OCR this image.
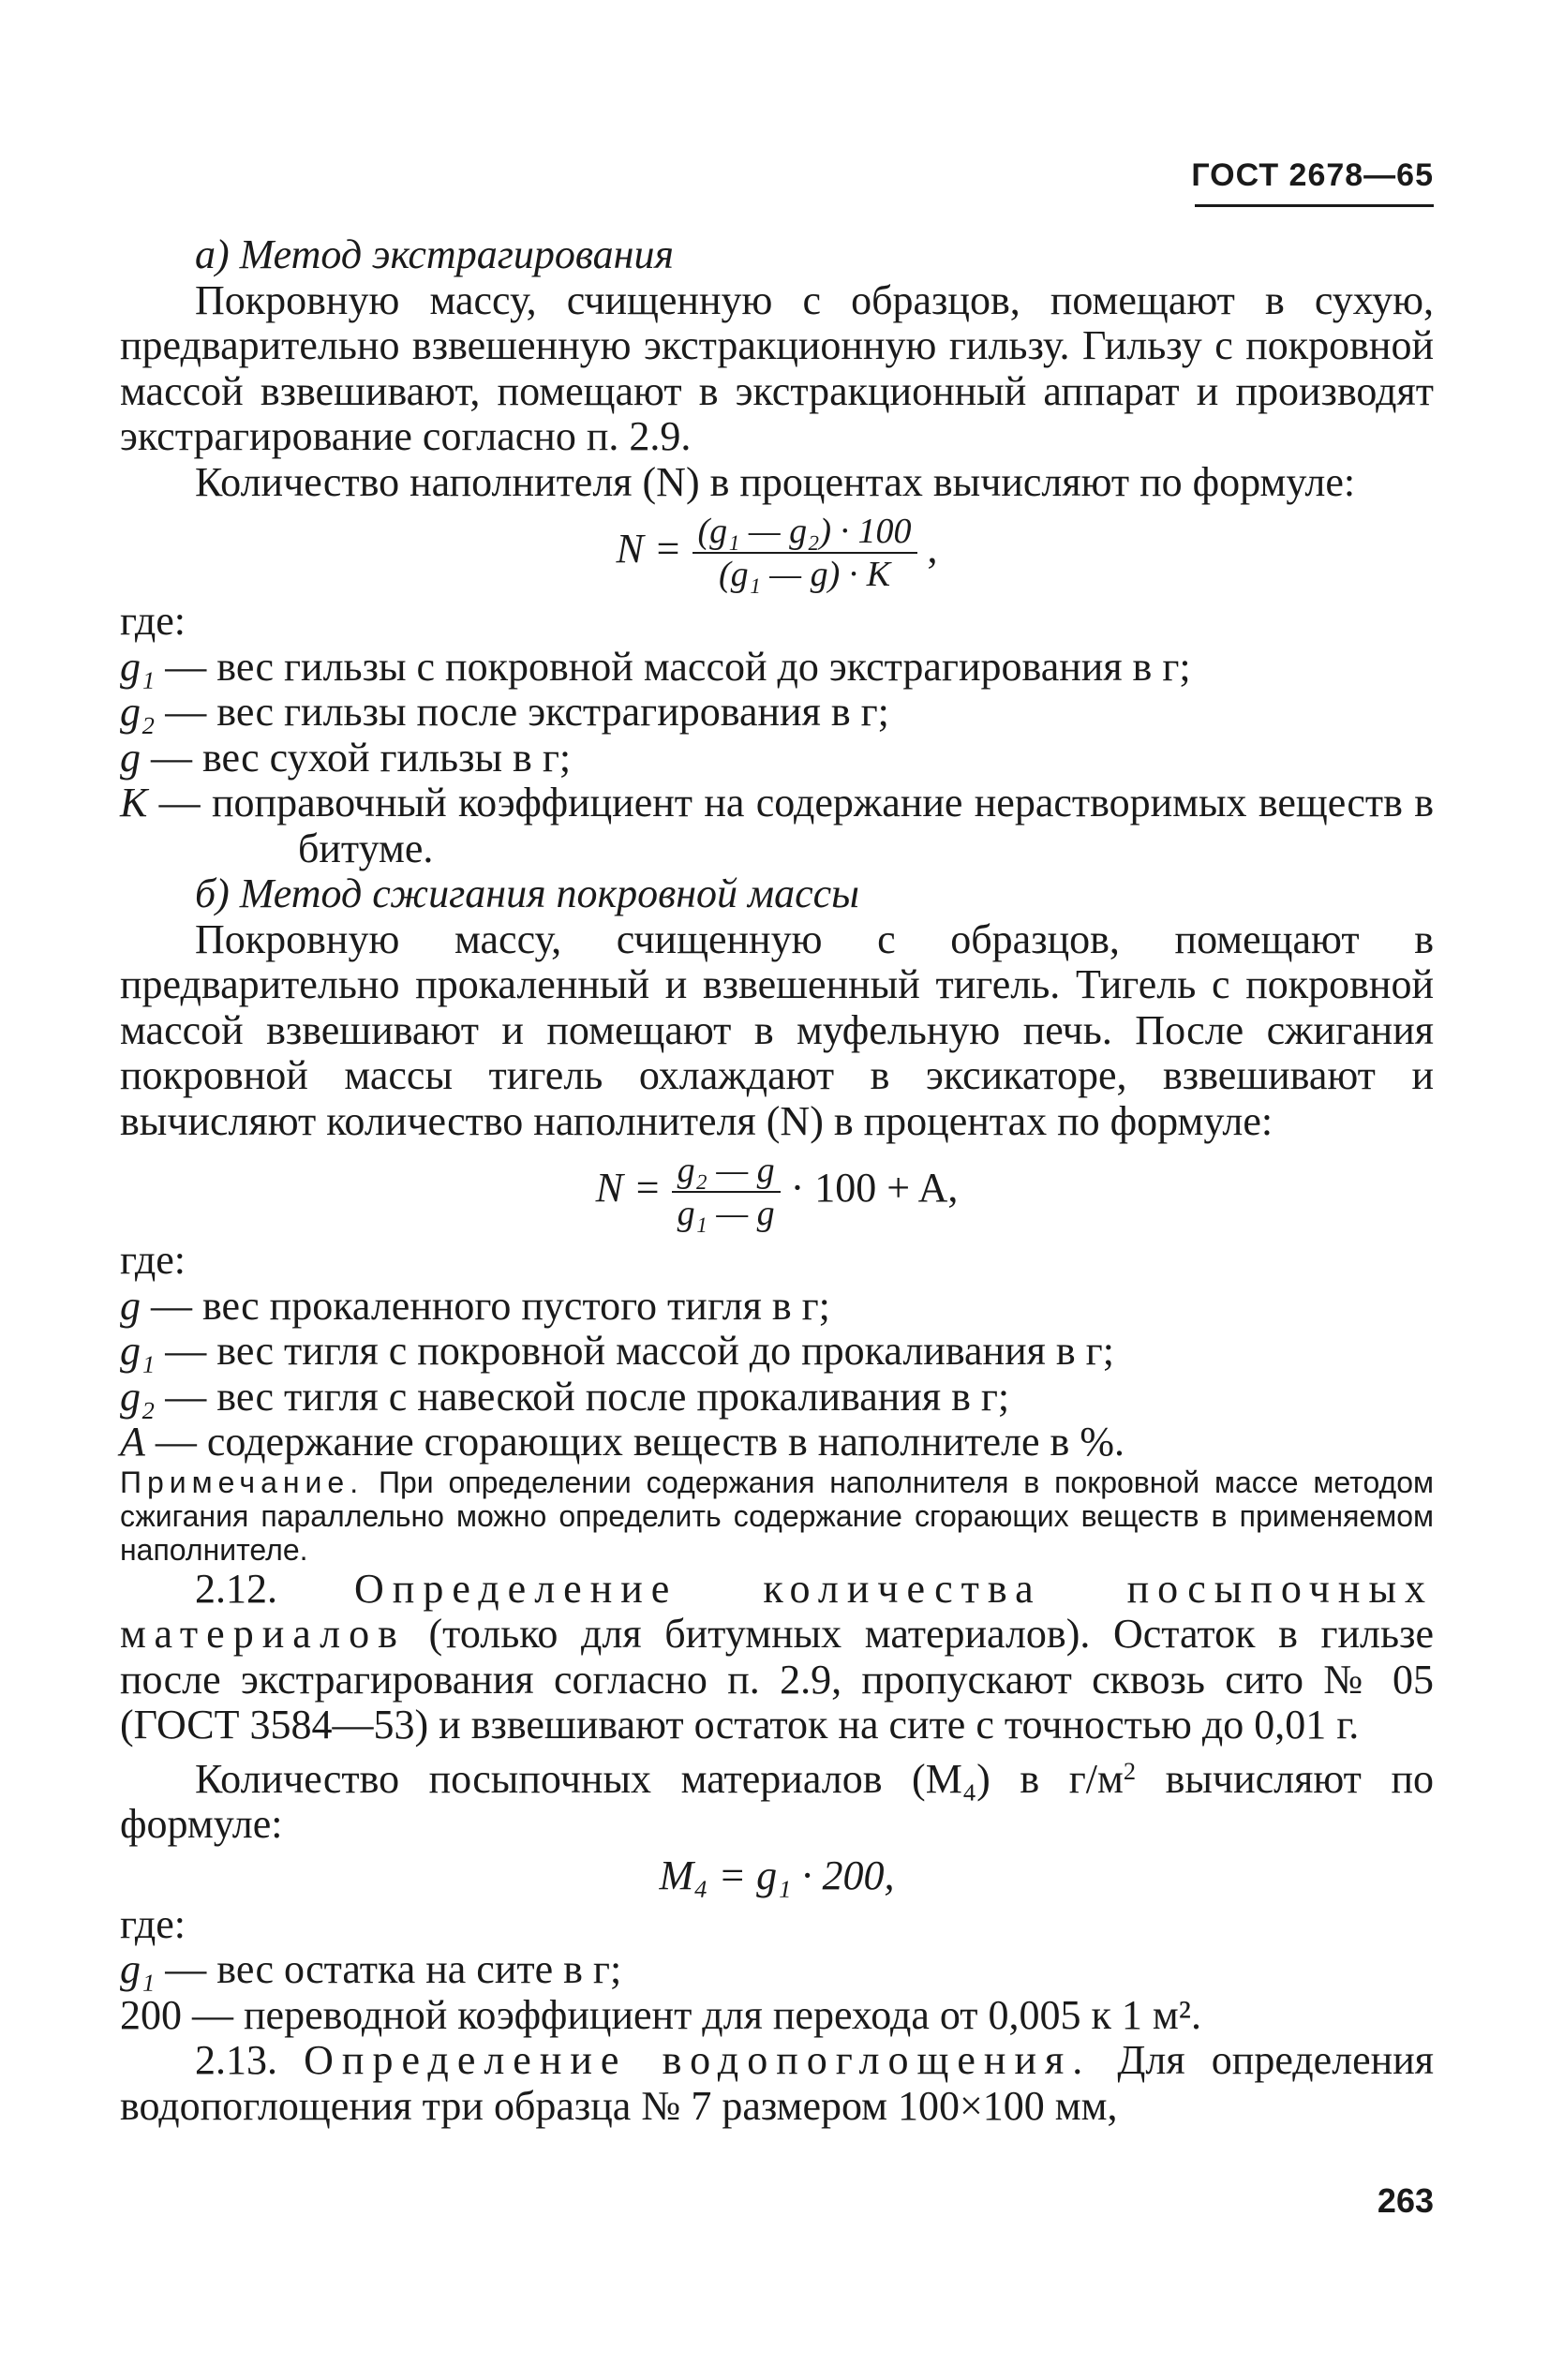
ГОСТ 2678—65

а) Метод экстрагирования

Покровную массу, счищенную с образцов, помещают в сухую, предварительно взвешенную экстракционную гильзу. Гильзу с покровной массой взвешивают, помещают в экстракционный аппарат и производят экстрагирование согласно п. 2.9.

Количество наполнителя (N) в процентах вычисляют по формуле:

$N = \frac{\text{(g₁ — g₂) · 100}}{\text{(g₁ — g) · K}}$ ,

где:

g₁ — вес гильзы с покровной массой до экстрагирования в г;

g₂ — вес гильзы после экстрагирования в г;

g — вес сухой гильзы в г;

K — поправочный коэффициент на содержание нерастворимых веществ в битуме.

б) Метод сжигания покровной массы

Покровную массу, счищенную с образцов, помещают в предварительно прокаленный и взвешенный тигель. Тигель с покровной массой взвешивают и помещают в муфельную печь. После сжигания покровной массы тигель охлаждают в эксикаторе, взвешивают и вычисляют количество наполнителя (N) в процентах по формуле:

$N = \frac{\text{g₂ — g}}{\text{g₁ — g}} \cdot 100 + A$,

где:

g — вес прокаленного пустого тигля в г;

g₁ — вес тигля с покровной массой до прокаливания в г;

g₂ — вес тигля с навеской после прокаливания в г;

A — содержание сгорающих веществ в наполнителе в %.

Примечание. При определении содержания наполнителя в покровной массе методом сжигания параллельно можно определить содержание сгорающих веществ в применяемом наполнителе.

2.12. Определение количества посыпочных материалов (только для битумных материалов). Остаток в гильзе после экстрагирования согласно п. 2.9, пропускают сквозь сито № 05 (ГОСТ 3584—53) и взвешивают остаток на сите с точностью до 0,01 г.

Количество посыпочных материалов (M₄) в $г/м^2$ вычисляют по формуле:

M₄ = g₁ · 200,

где:

g₁ — вес остатка на сите в г;

200 — переводной коэффициент для перехода от 0,005 к 1 м².

2.13. Определение водопоглощения. Для определения водопоглощения три образца № 7 размером 100×100 мм,

263
